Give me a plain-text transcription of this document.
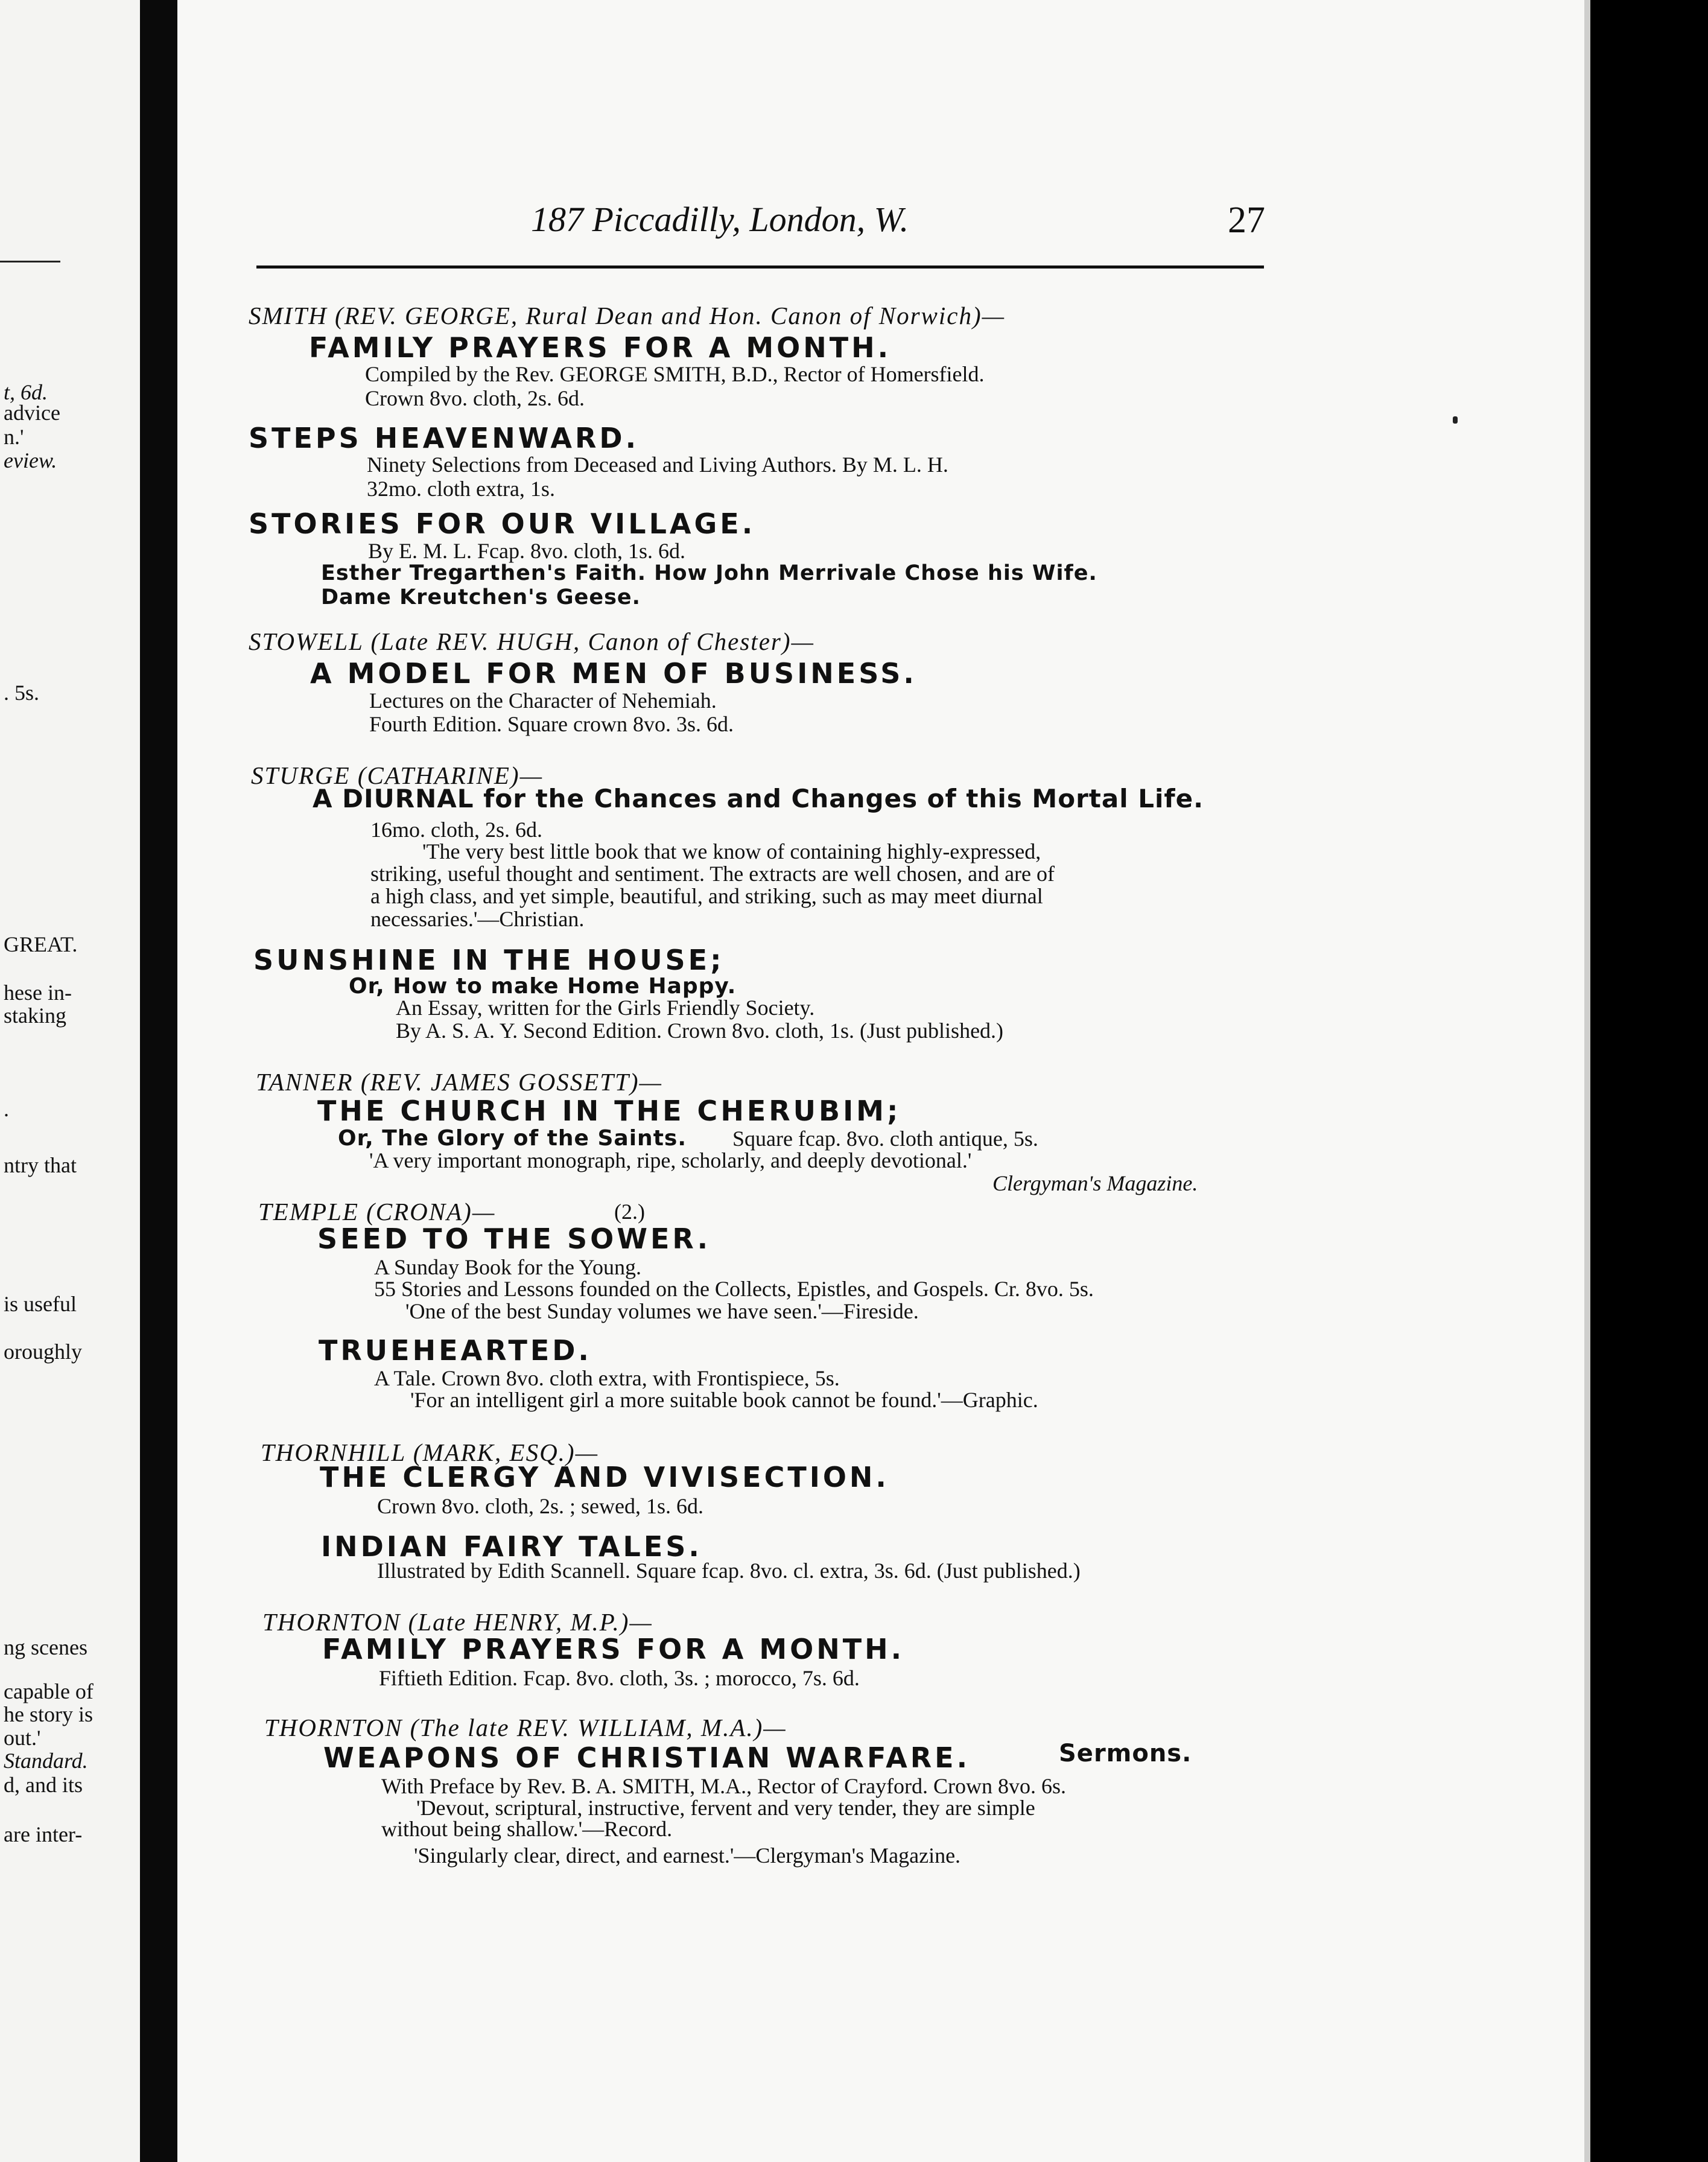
t, 6d.
advice
n.'
eview.
. 5s.
GREAT.
hese in-
staking
.
ntry that
is useful
oroughly
ng scenes
capable of
he story is
out.'
Standard.
d, and its
are inter-
187 Piccadilly, London, W.	27
SMITH (REV. GEORGE, Rural Dean and Hon. Canon of Norwich)—
FAMILY PRAYERS FOR A MONTH.
Compiled by the Rev. GEORGE SMITH, B.D., Rector of Homersfield.
Crown 8vo. cloth, 2s. 6d.
STEPS HEAVENWARD.
Ninety Selections from Deceased and Living Authors. By M. L. H.
32mo. cloth extra, 1s.
STORIES FOR OUR VILLAGE.
By E. M. L. Fcap. 8vo. cloth, 1s. 6d.
Esther Tregarthen's Faith. How John Merrivale Chose his Wife.
Dame Kreutchen's Geese.
STOWELL (Late REV. HUGH, Canon of Chester)—
A MODEL FOR MEN OF BUSINESS.
Lectures on the Character of Nehemiah.
Fourth Edition. Square crown 8vo. 3s. 6d.
STURGE (CATHARINE)—
A DIURNAL for the Chances and Changes of this Mortal Life.
16mo. cloth, 2s. 6d.
'The very best little book that we know of containing highly-expressed,
striking, useful thought and sentiment. The extracts are well chosen, and are of
a high class, and yet simple, beautiful, and striking, such as may meet diurnal
necessaries.'—Christian.
SUNSHINE IN THE HOUSE;
Or, How to make Home Happy.
An Essay, written for the Girls Friendly Society.
By A. S. A. Y. Second Edition. Crown 8vo. cloth, 1s. (Just published.)
TANNER (REV. JAMES GOSSETT)—
THE CHURCH IN THE CHERUBIM;
Or, The Glory of the Saints. Square fcap. 8vo. cloth antique, 5s.
'A very important monograph, ripe, scholarly, and deeply devotional.'
Clergyman's Magazine.
TEMPLE (CRONA)—	(2.)
SEED TO THE SOWER.
A Sunday Book for the Young.
55 Stories and Lessons founded on the Collects, Epistles, and Gospels. Cr. 8vo. 5s.
'One of the best Sunday volumes we have seen.'—Fireside.
TRUEHEARTED.
A Tale. Crown 8vo. cloth extra, with Frontispiece, 5s.
'For an intelligent girl a more suitable book cannot be found.'—Graphic.
THORNHILL (MARK, ESQ.)—
THE CLERGY AND VIVISECTION.
Crown 8vo. cloth, 2s. ; sewed, 1s. 6d.
INDIAN FAIRY TALES.
Illustrated by Edith Scannell. Square fcap. 8vo. cl. extra, 3s. 6d. (Just published.)
THORNTON (Late HENRY, M.P.)—
FAMILY PRAYERS FOR A MONTH.
Fiftieth Edition. Fcap. 8vo. cloth, 3s. ; morocco, 7s. 6d.
THORNTON (The late REV. WILLIAM, M.A.)—
WEAPONS OF CHRISTIAN WARFARE.	Sermons.
With Preface by Rev. B. A. SMITH, M.A., Rector of Crayford. Crown 8vo. 6s.
'Devout, scriptural, instructive, fervent and very tender, they are simple
without being shallow.'—Record.
'Singularly clear, direct, and earnest.'—Clergyman's Magazine.
